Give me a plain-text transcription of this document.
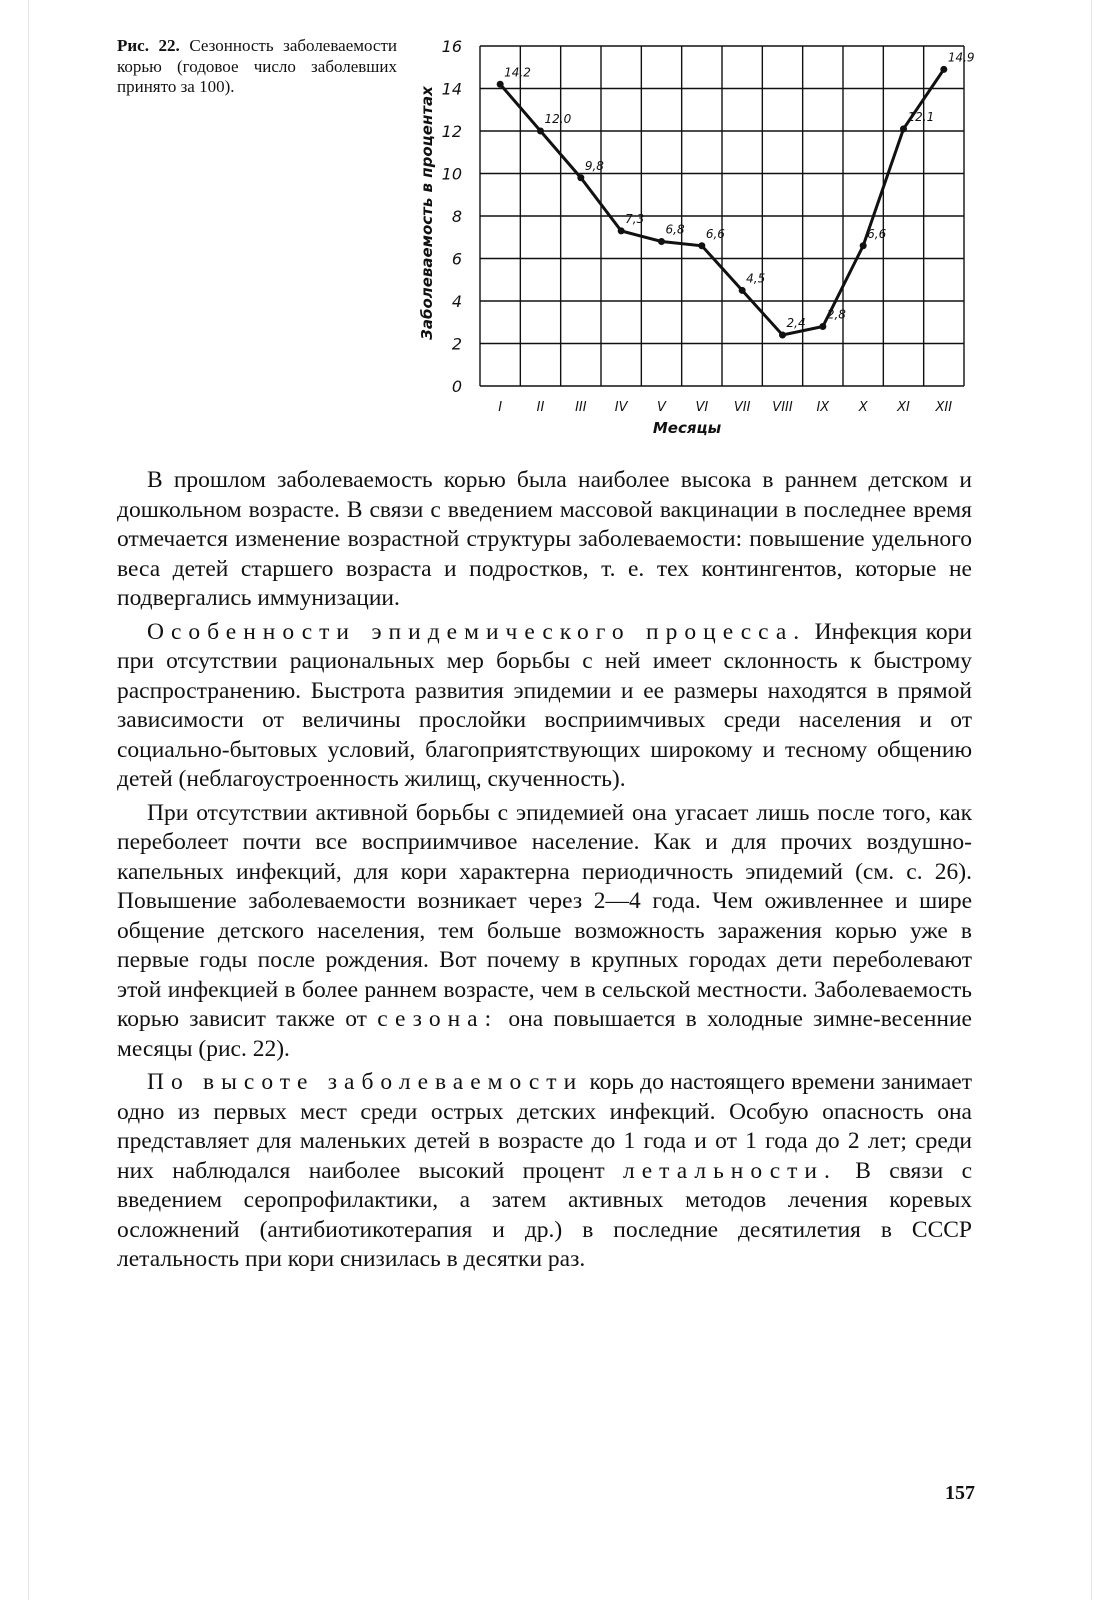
Рис. 22. Сезонность заболеваемости корью (годовое число заболевших принято за 100).
0
2
4
6
8
10
12
14
16
I	II III IV V VI VII VIII IX X XI XII
14,2
12,0
9,8
7,3
6,8 6,6
4,5
2,4
2,8
6,6
12,1
14,9
Заболеваемость в процентах
Месяцы

В прошлом заболеваемость корью была наиболее высока в раннем детском и дошкольном возрасте. В связи с введением массовой вакцинации в последнее время отмечается изменение возрастной структуры заболеваемости: повышение удельного веса детей старшего возраста и подростков, т. е. тех контингентов, которые не подвергались иммунизации.

Особенности эпидемического процесса. Инфекция кори при отсутствии рациональных мер борьбы с ней имеет склонность к быстрому распространению. Быстрота развития эпидемии и ее размеры находятся в прямой зависимости от величины прослойки восприимчивых среди населения и от социально-бытовых условий, благоприятствующих широкому и тесному общению детей (неблагоустроенность жилищ, скученность).

При отсутствии активной борьбы с эпидемией она угасает лишь после того, как переболеет почти все восприимчивое население. Как и для прочих воздушно-капельных инфекций, для кори характерна периодичность эпидемий (см. с. 26). Повышение заболеваемости возникает через 2—4 года. Чем оживленнее и шире общение детского населения, тем больше возможность заражения корью уже в первые годы после рождения. Вот почему в крупных городах дети переболевают этой инфекцией в более раннем возрасте, чем в сельской местности. Заболеваемость корью зависит также от сезона: она повышается в холодные зимне-весенние месяцы (рис. 22).

По высоте заболеваемости корь до настоящего времени занимает одно из первых мест среди острых детских инфекций. Особую опасность она представляет для маленьких детей в возрасте до 1 года и от 1 года до 2 лет; среди них наблюдался наиболее высокий процент летальности. В связи с введением серопрофилактики, а затем активных методов лечения коревых осложнений (антибиотикотерапия и др.) в последние десятилетия в СССР летальность при кори снизилась в десятки раз.

157
